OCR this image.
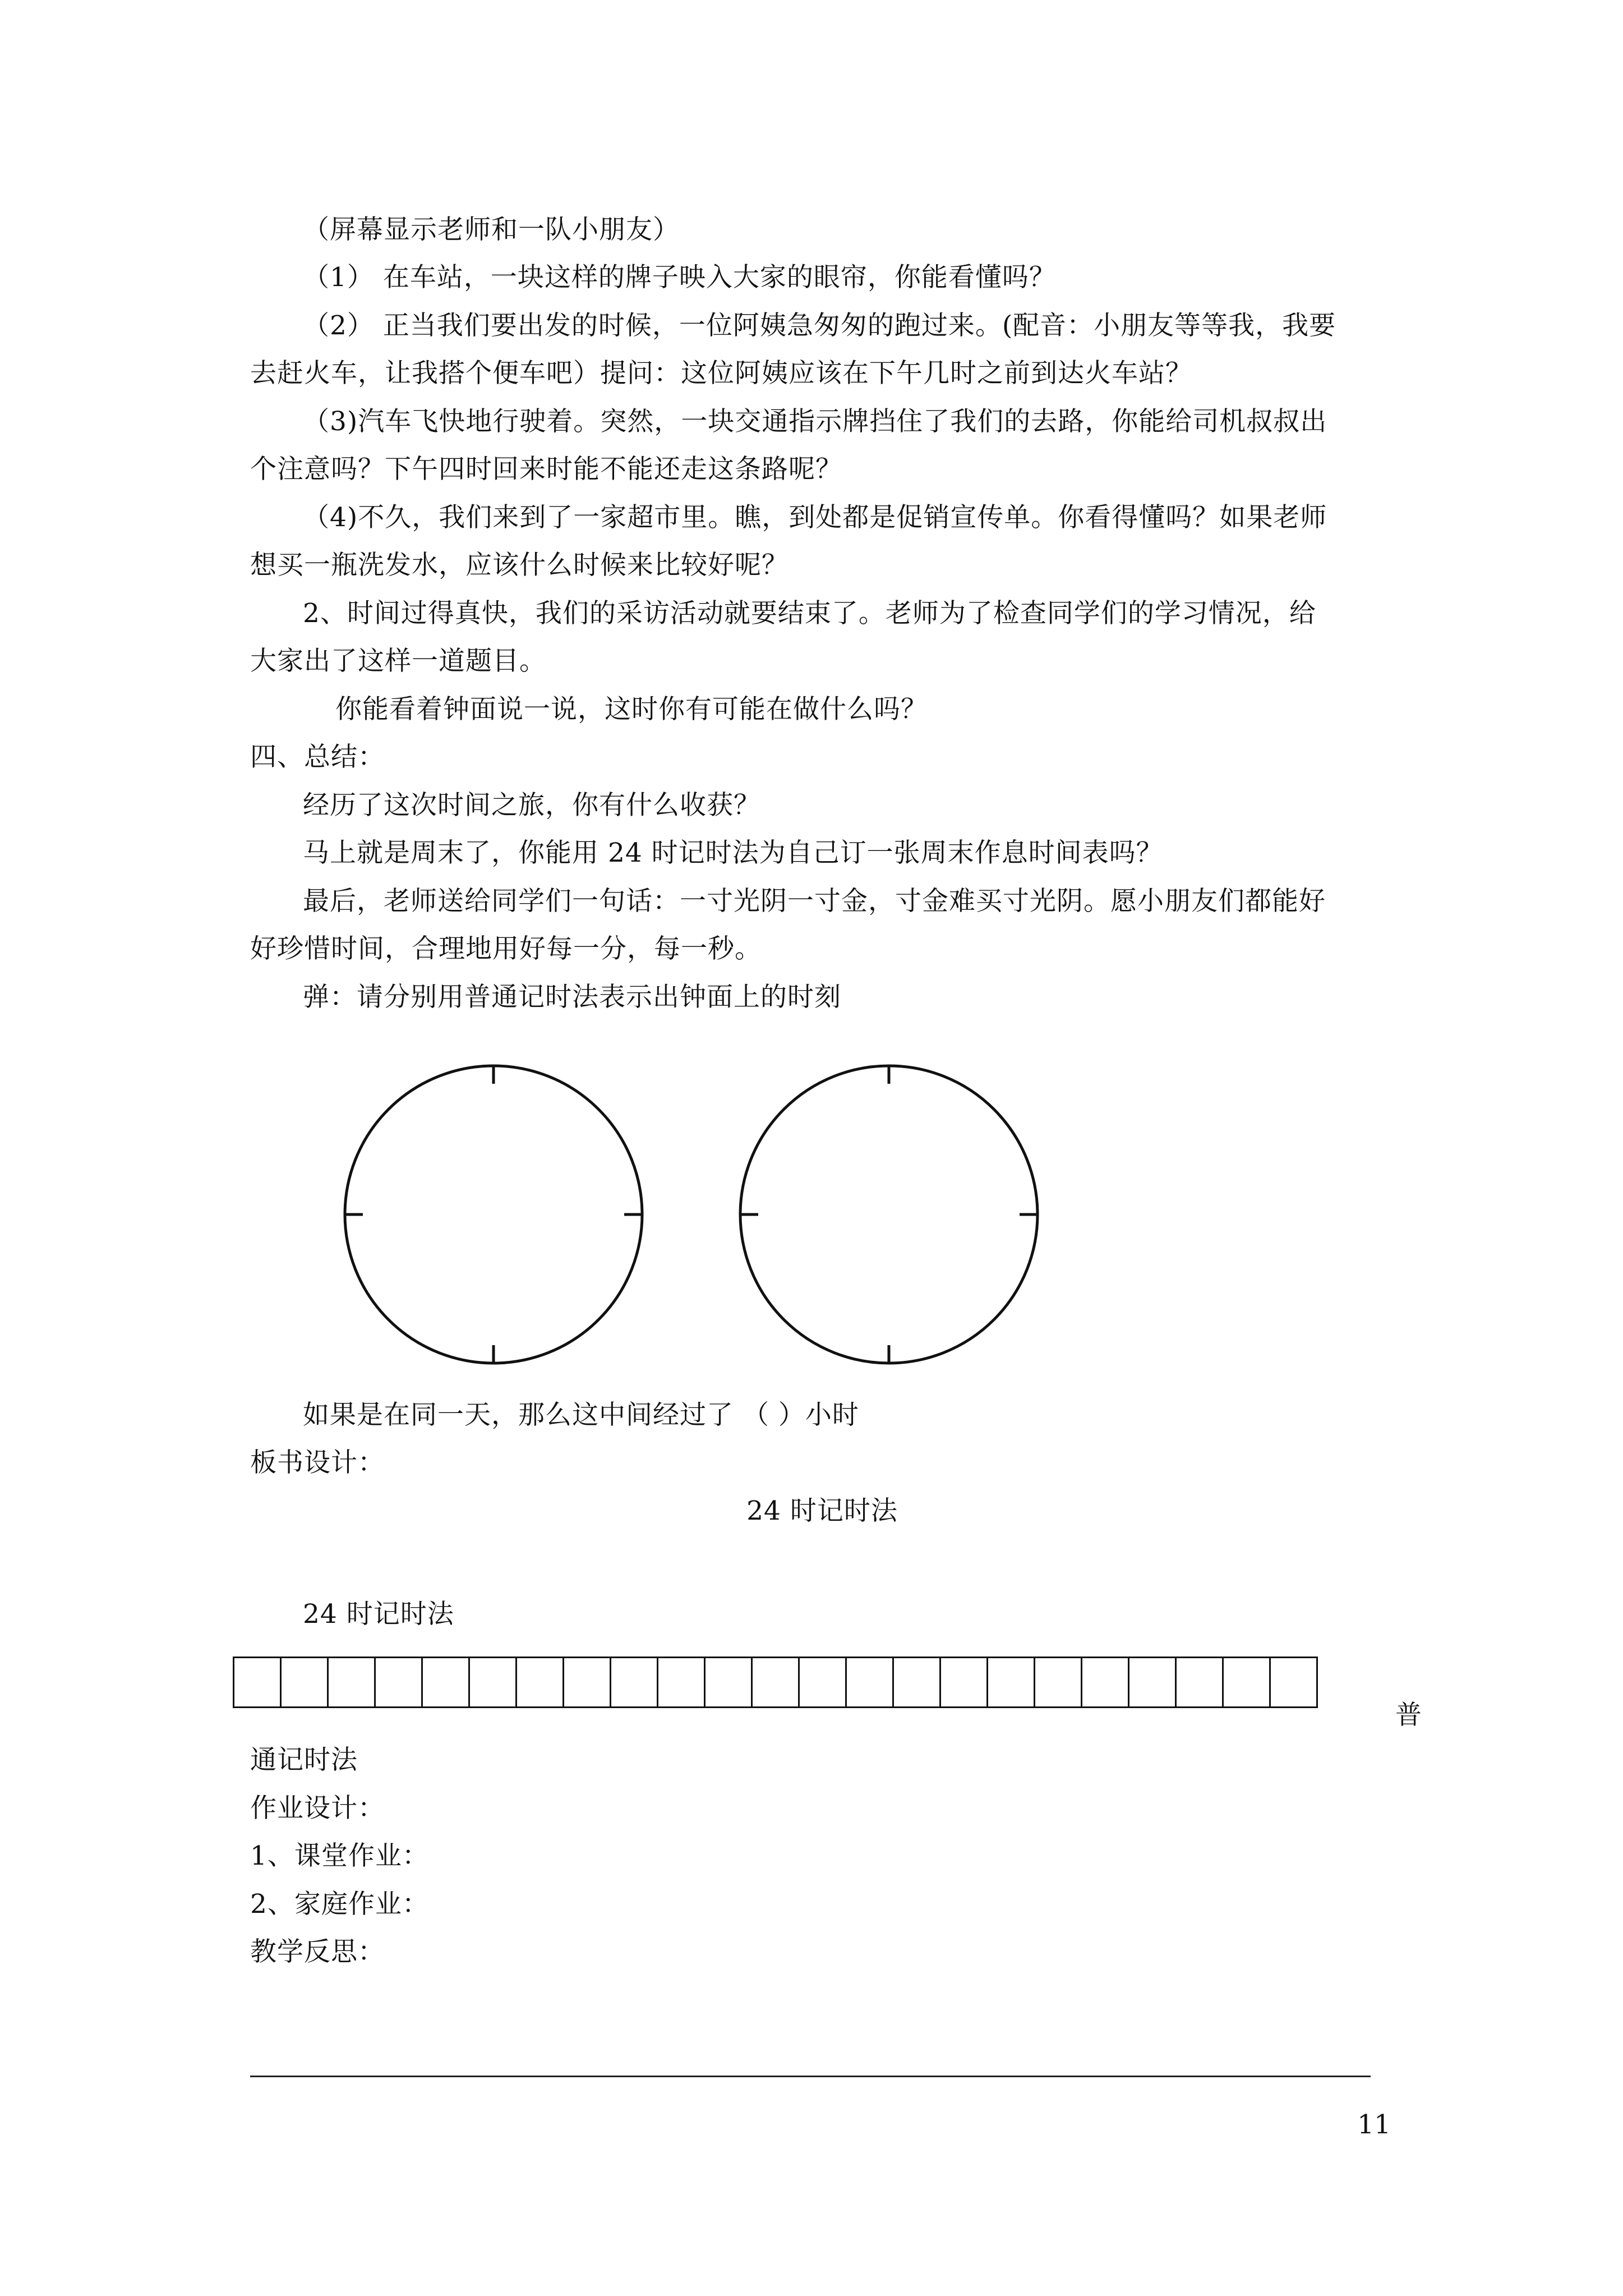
（屏幕显示老师和一队小朋友）
（1） 在车站，一块这样的牌子映入大家的眼帘，你能看懂吗？
（2） 正当我们要出发的时候，一位阿姨急匆匆的跑过来。(配音：小朋友等等我，我要
去赶火车，让我搭个便车吧）提问：这位阿姨应该在下午几时之前到达火车站？
（3)汽车飞快地行驶着。突然，一块交通指示牌挡住了我们的去路，你能给司机叔叔出
个注意吗？下午四时回来时能不能还走这条路呢？
（4)不久，我们来到了一家超市里。瞧，到处都是促销宣传单。你看得懂吗？如果老师
想买一瓶洗发水，应该什么时候来比较好呢？
2、时间过得真快，我们的采访活动就要结束了。老师为了检查同学们的学习情况，给
大家出了这样一道题目。
你能看着钟面说一说，这时你有可能在做什么吗？
四、总结：
经历了这次时间之旅，你有什么收获？
马上就是周末了，你能用 24 时记时法为自己订一张周末作息时间表吗？
最后，老师送给同学们一句话：一寸光阴一寸金，寸金难买寸光阴。愿小朋友们都能好
好珍惜时间，合理地用好每一分，每一秒。
弹：请分别用普通记时法表示出钟面上的时刻
如果是在同一天，那么这中间经过了 （ ）小时
板书设计：
24 时记时法
24 时记时法

普
通记时法
作业设计：
1、课堂作业：
2、家庭作业：
教学反思：
11
